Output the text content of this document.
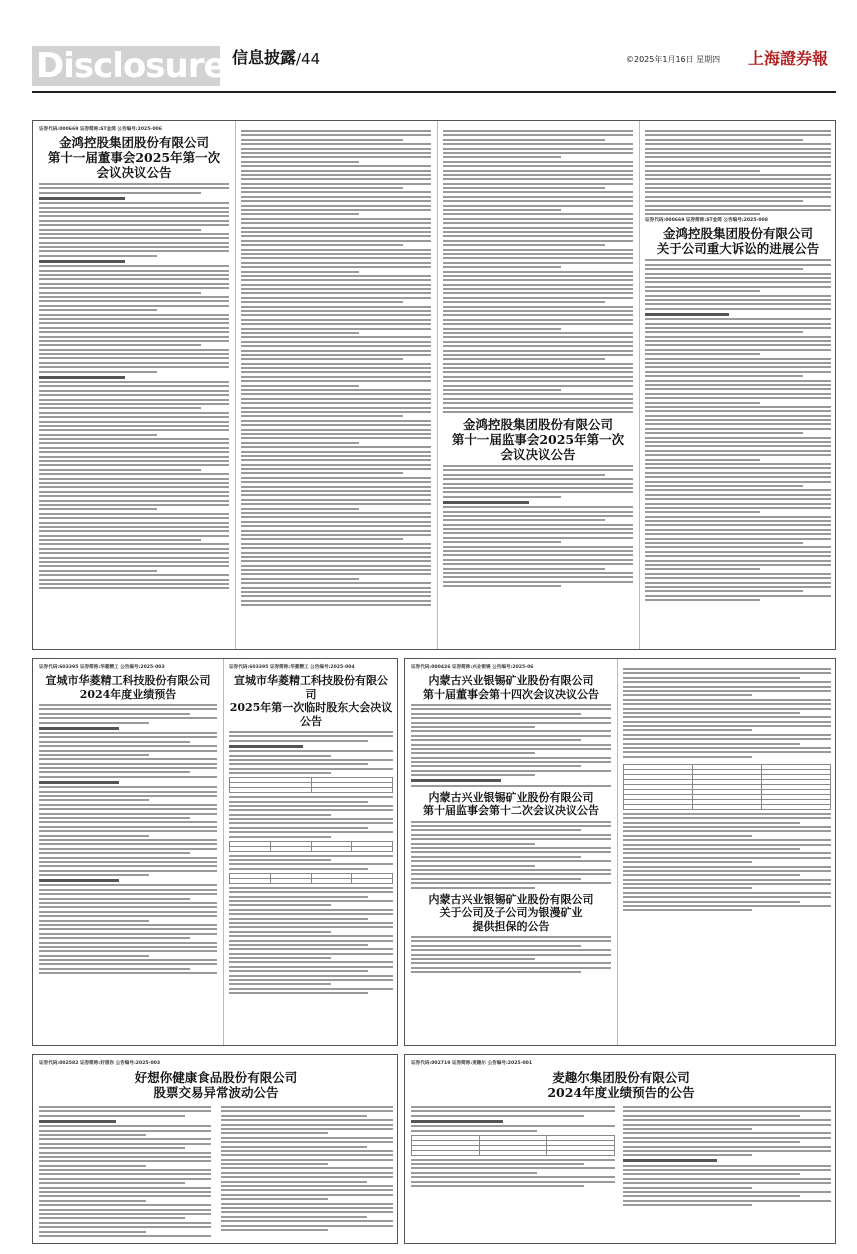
Disclosure 信息披露 /44	©2025年1月16日 星期四 上海證券報
证券代码:000669 证券简称:ST金鸿 公告编号:2025-006
金鸿控股集团股份有限公司
第十一届董事会2025年第一次
会议决议公告
金鸿控股集团股份有限公司
第十一届监事会2025年第一次
会议决议公告
证券代码:000669 证券简称:ST金鸿 公告编号:2025-008
金鸿控股集团股份有限公司
关于公司重大诉讼的进展公告
证券代码:603395 证券简称:华菱精工 公告编号:2025-003
宣城市华菱精工科技股份有限公司
2024年度业绩预告
证券代码:603395 证券简称:华菱精工 公告编号:2025-004
宣城市华菱精工科技股份有限公司
2025年第一次临时股东大会决议公告

证券代码:000426 证券简称:兴业银锡 公告编号:2025-06
内蒙古兴业银锡矿业股份有限公司
第十届董事会第十四次会议决议公告
内蒙古兴业银锡矿业股份有限公司
第十届监事会第十二次会议决议公告
内蒙古兴业银锡矿业股份有限公司
关于公司及子公司为银漫矿业
提供担保的公告

证券代码:002582 证券简称:好想你 公告编号:2025-003
好想你健康食品股份有限公司
股票交易异常波动公告
证券代码:002719 证券简称:麦趣尔 公告编号:2025-001
麦趣尔集团股份有限公司
2024年度业绩预告的公告
